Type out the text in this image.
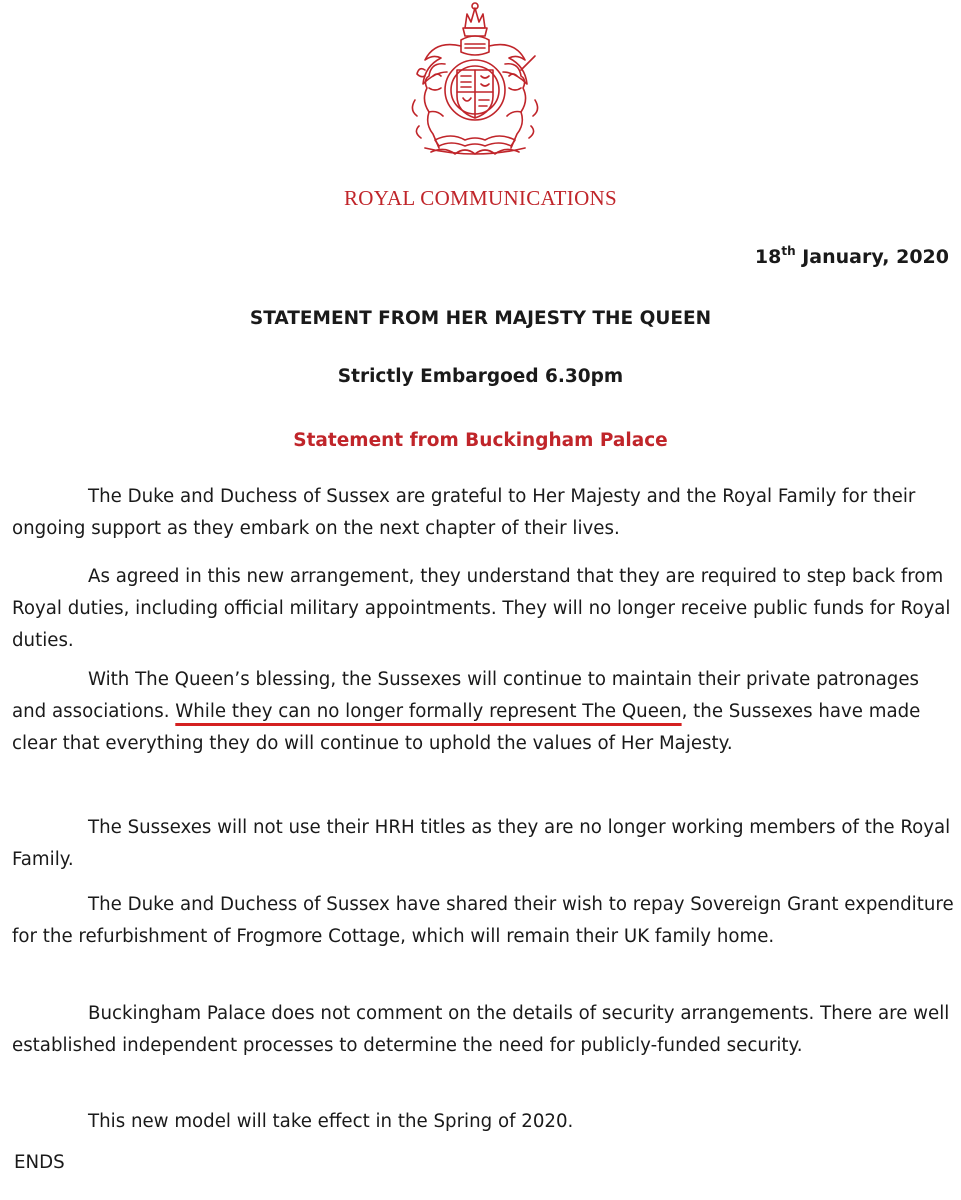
ROYAL COMMUNICATIONS
18th January, 2020
STATEMENT FROM HER MAJESTY THE QUEEN
Strictly Embargoed 6.30pm
Statement from Buckingham Palace

The Duke and Duchess of Sussex are grateful to Her Majesty and the Royal Family for their ongoing support as they embark on the next chapter of their lives.

As agreed in this new arrangement, they understand that they are required to step back from Royal duties, including official military appointments. They will no longer receive public funds for Royal duties.

With The Queen’s blessing, the Sussexes will continue to maintain their private patronages and associations. While they can no longer formally represent The Queen, the Sussexes have made clear that everything they do will continue to uphold the values of Her Majesty.

The Sussexes will not use their HRH titles as they are no longer working members of the Royal Family.

The Duke and Duchess of Sussex have shared their wish to repay Sovereign Grant expenditure for the refurbishment of Frogmore Cottage, which will remain their UK family home.

Buckingham Palace does not comment on the details of security arrangements. There are well established independent processes to determine the need for publicly-funded security.

This new model will take effect in the Spring of 2020.

ENDS
